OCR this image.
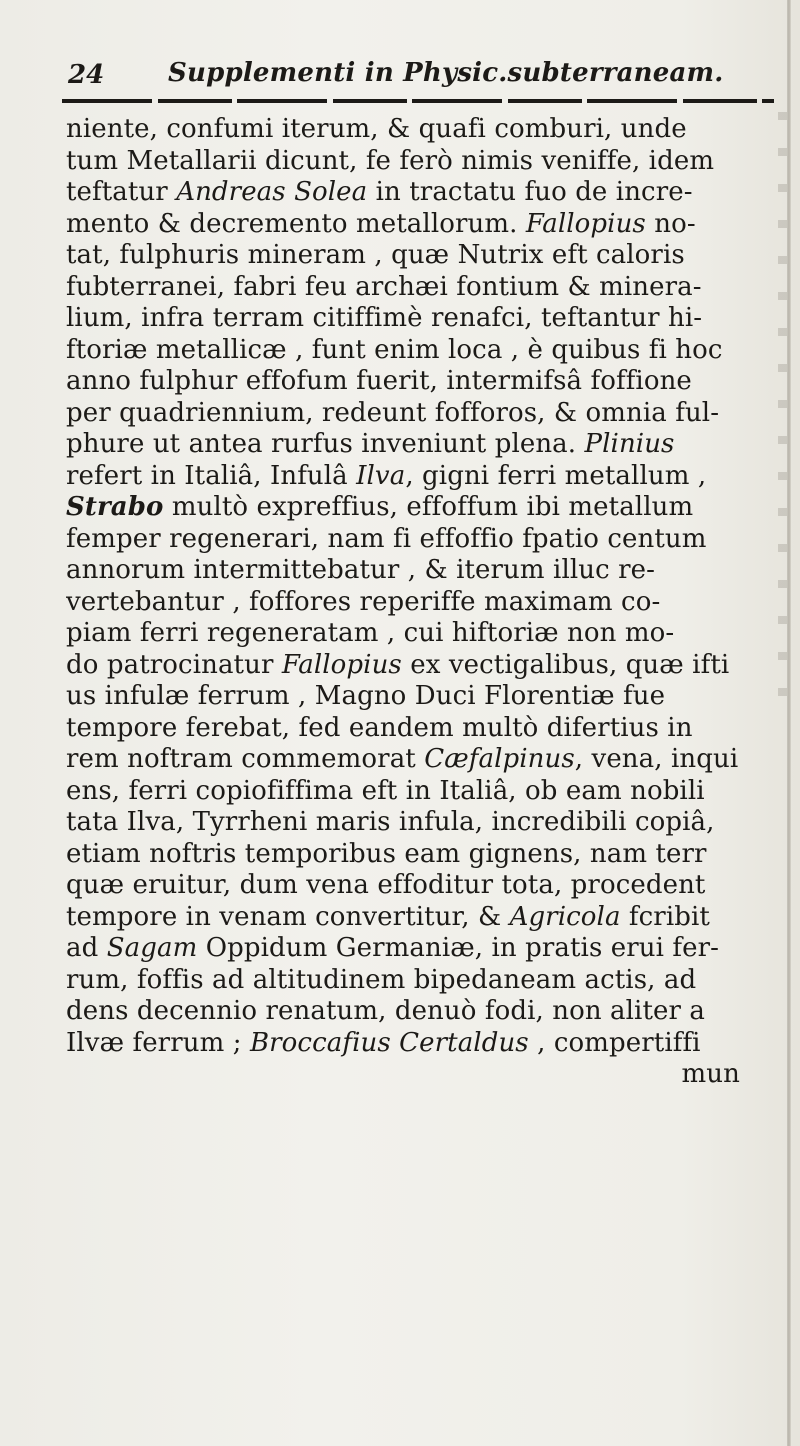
24 Supplementi in Physic.subterraneam.
niente, confumi iterum, & quafi comburi, unde
tum Metallarii dicunt, fe ferò nimis veniffe, idem
teftatur Andreas Solea in tractatu fuo de incre-
mento & decremento metallorum. Fallopius no-
tat, fulphuris mineram , quæ Nutrix eft caloris
fubterranei, fabri feu archæi fontium & minera-
lium, infra terram citiffimè renafci, teftantur hi-
ftoriæ metallicæ , funt enim loca , è quibus fi hoc
anno fulphur effofum fuerit, intermifsâ foffione
per quadriennium, redeunt fofforos, & omnia ful-
phure ut antea rurfus inveniunt plena. Plinius
refert in Italiâ, Infulâ Ilva, gigni ferri metallum ,
Strabo multò expreffius, effoffum ibi metallum
femper regenerari, nam fi effoffio fpatio centum
annorum intermittebatur , & iterum illuc re-
vertebantur , foffores reperiffe maximam co-
piam ferri regeneratam , cui hiftoriæ non mo-
do patrocinatur Fallopius ex vectigalibus, quæ ifti
us infulæ ferrum , Magno Duci Florentiæ fue
tempore ferebat, fed eandem multò difertius in
rem noftram commemorat Cæfalpinus, vena, inqui
ens, ferri copiofiffima eft in Italiâ, ob eam nobili
tata Ilva, Tyrrheni maris infula, incredibili copiâ,
etiam noftris temporibus eam gignens, nam terr
quæ eruitur, dum vena effoditur tota, procedent
tempore in venam convertitur, & Agricola fcribit
ad Sagam Oppidum Germaniæ, in pratis erui fer-
rum, foffis ad altitudinem bipedaneam actis, ad
dens decennio renatum, denuò fodi, non aliter a
Ilvæ ferrum ; Broccafius Certaldus , compertiffi
mun
